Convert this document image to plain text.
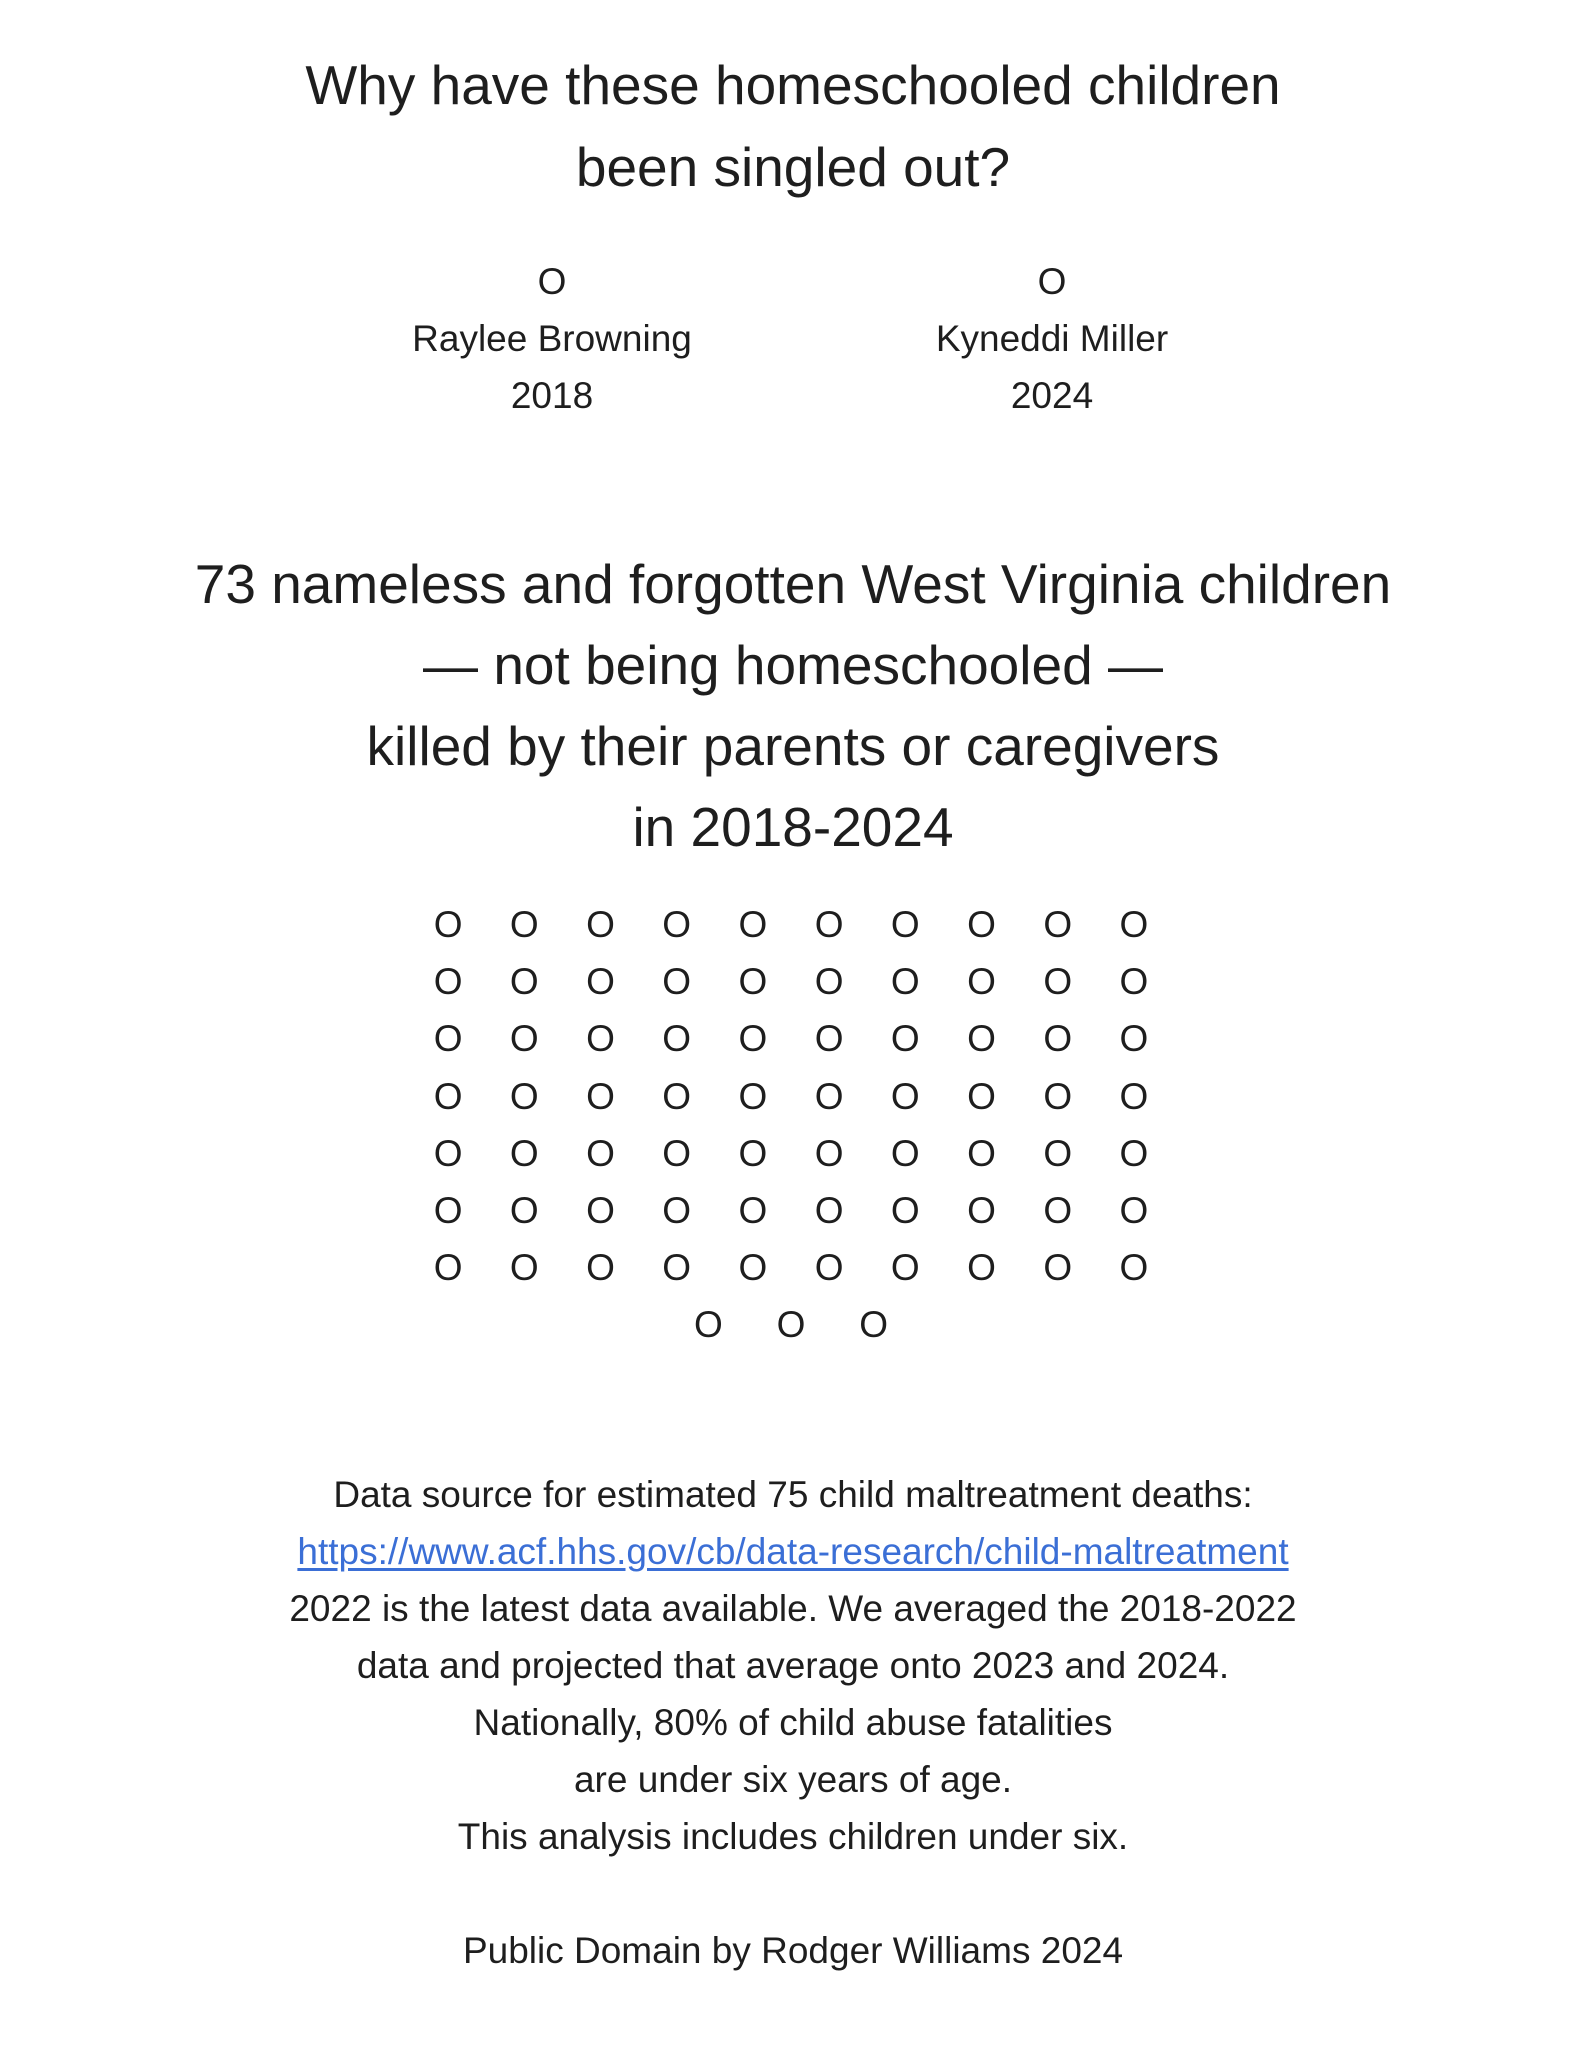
Why have these homeschooled children
been singled out?
O
Raylee Browning
2018
O
Kyneddi Miller
2024
73 nameless and forgotten West Virginia children
— not being homeschooled —
killed by their parents or caregivers
in 2018-2024
O	O	O	O	O	O	O	O	O	O
O	O	O	O	O	O	O	O	O	O
O	O	O	O	O	O	O	O	O	O
O	O	O	O	O	O	O	O	O	O
O	O	O	O	O	O	O	O	O	O
O	O	O	O	O	O	O	O	O	O
O	O	O	O	O	O	O	O	O	O
O	O	O
Data source for estimated 75 child maltreatment deaths:
https://www.acf.hhs.gov/cb/data-research/child-maltreatment
2022 is the latest data available. We averaged the 2018-2022
data and projected that average onto 2023 and 2024.
Nationally, 80% of child abuse fatalities
are under six years of age.
This analysis includes children under six.
Public Domain by Rodger Williams 2024
